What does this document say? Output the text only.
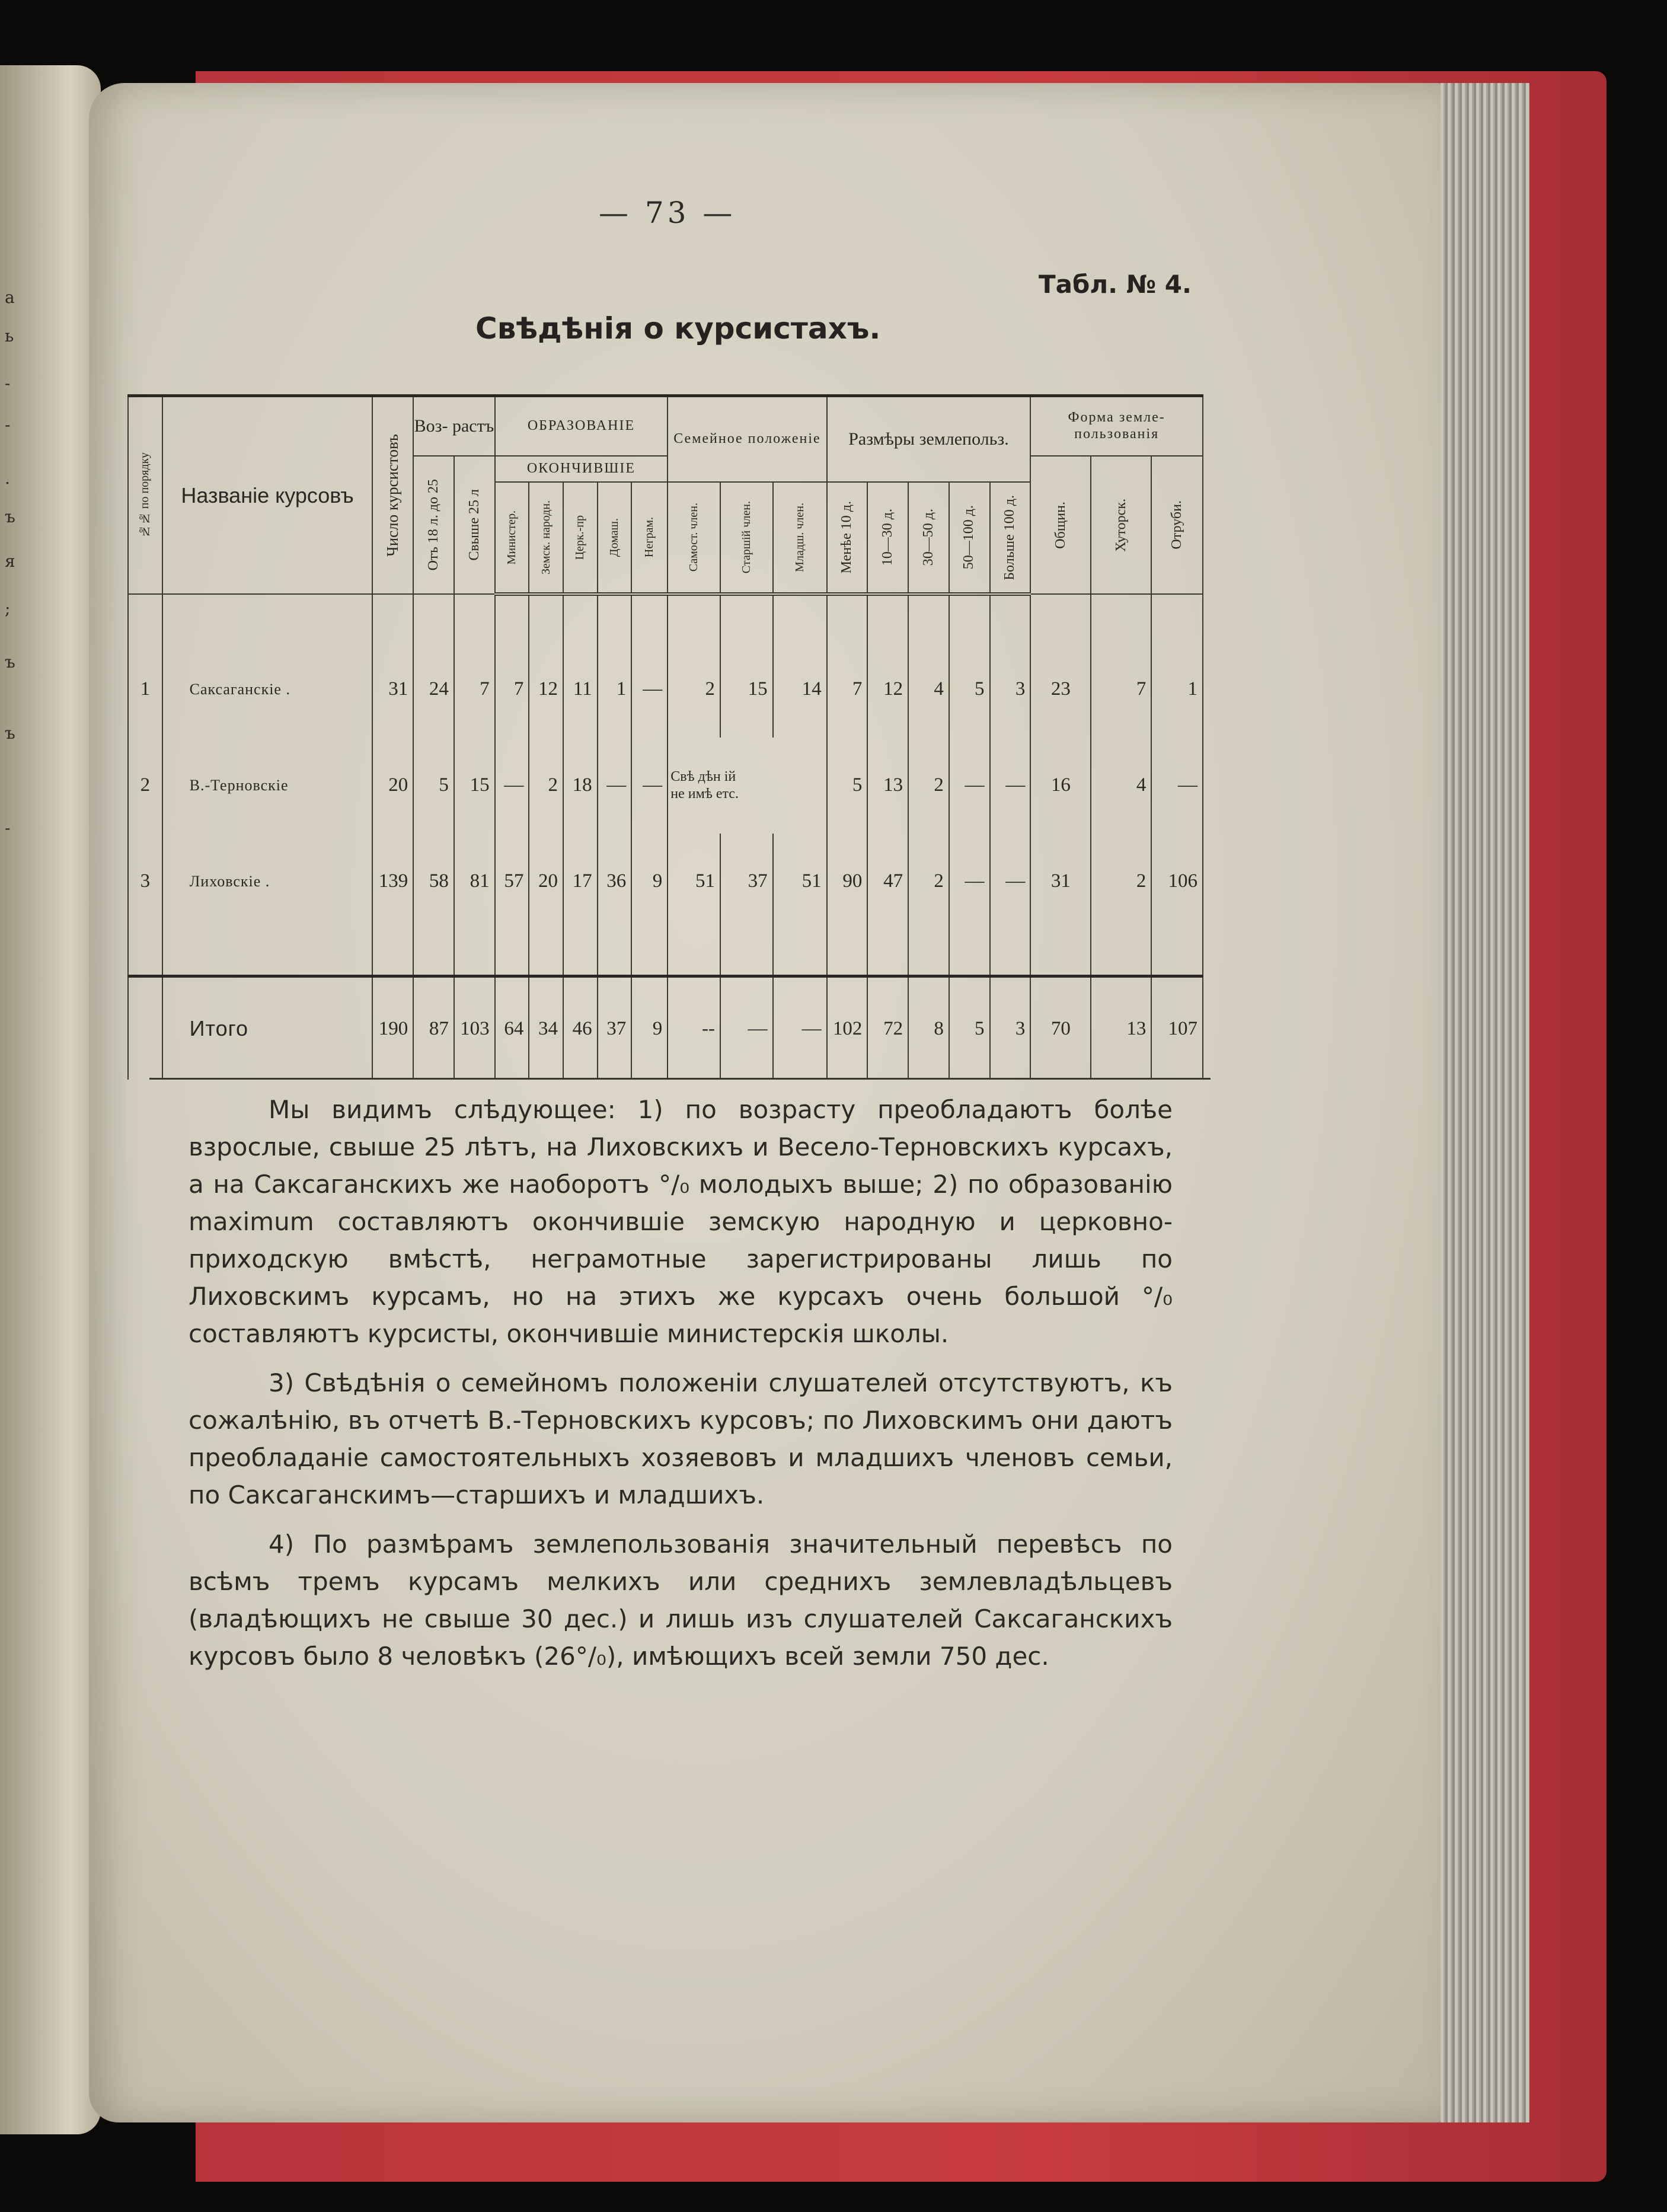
а
ь
-
-
.
ъ
я
;
ъ
ъ
-
— 73 —
Табл. № 4.
Свѣдѣнія о курсистахъ.
№№ по порядку	Названіе курсовъ	Число курсистовъ	Воз- растъ		ОБРАЗОВАНІЕ					Семейное положеніе			Размѣры землепольз.					Форма земле- пользованія		

			Отъ 18 л. до 25	Свыше 25 л	ОКОНЧИВШІЕ													Общин.	Хуторск.	Отруби.

					Министер.	Земск. народн.	Церк.-пр	Домаш.	Неграм.	Самост. член.	Старшій член.	Младш. член.	Менѣе 10 д.	10—30 д.	30—50 д.	50—100 д.	Больше 100 д.			

1	Саксаганскіе .	31	24	7	7	12	11	1	—	2	15	14	7	12	4	5	3	23	7	1
2	В.-Терновскіе	20	5	15	—	2	18	—	—	Свѣ дѣн ій
не имѣ етс.			5	13	2	—	—	16	4	—
3	Лиховскіе .	139	58	81	57	20	17	36	9	51	37	51	90	47	2	—	—	31	2	106

	Итого	190	87	103	64	34	46	37	9	--	—	—	102	72	8	5	3	70	13	107

Мы видимъ слѣдующее: 1) по возрасту преобладаютъ болѣе взрослые, свыше 25 лѣтъ, на Лиховскихъ и Весело-Терновскихъ курсахъ, а на Саксаганскихъ же наоборотъ °/₀ молодыхъ выше; 2) по образованію maximum составляютъ окончившіе земскую народную и церковно-приходскую вмѣстѣ, неграмотные зарегистрированы лишь по Лиховскимъ курсамъ, но на этихъ же курсахъ очень большой °/₀ составляютъ курсисты, окончившіе министерскія школы.

3) Свѣдѣнія о семейномъ положеніи слушателей отсутствуютъ, къ сожалѣнію, въ отчетѣ В.-Терновскихъ курсовъ; по Лиховскимъ они даютъ преобладаніе самостоятельныхъ хозяевовъ и младшихъ членовъ семьи, по Саксаганскимъ—старшихъ и младшихъ.

4) По размѣрамъ землепользованія значительный перевѣсъ по всѣмъ тремъ курсамъ мелкихъ или среднихъ землевладѣльцевъ (владѣющихъ не свыше 30 дес.) и лишь изъ слушателей Саксаганскихъ курсовъ было 8 человѣкъ (26°/₀), имѣющихъ всей земли 750 дес.
